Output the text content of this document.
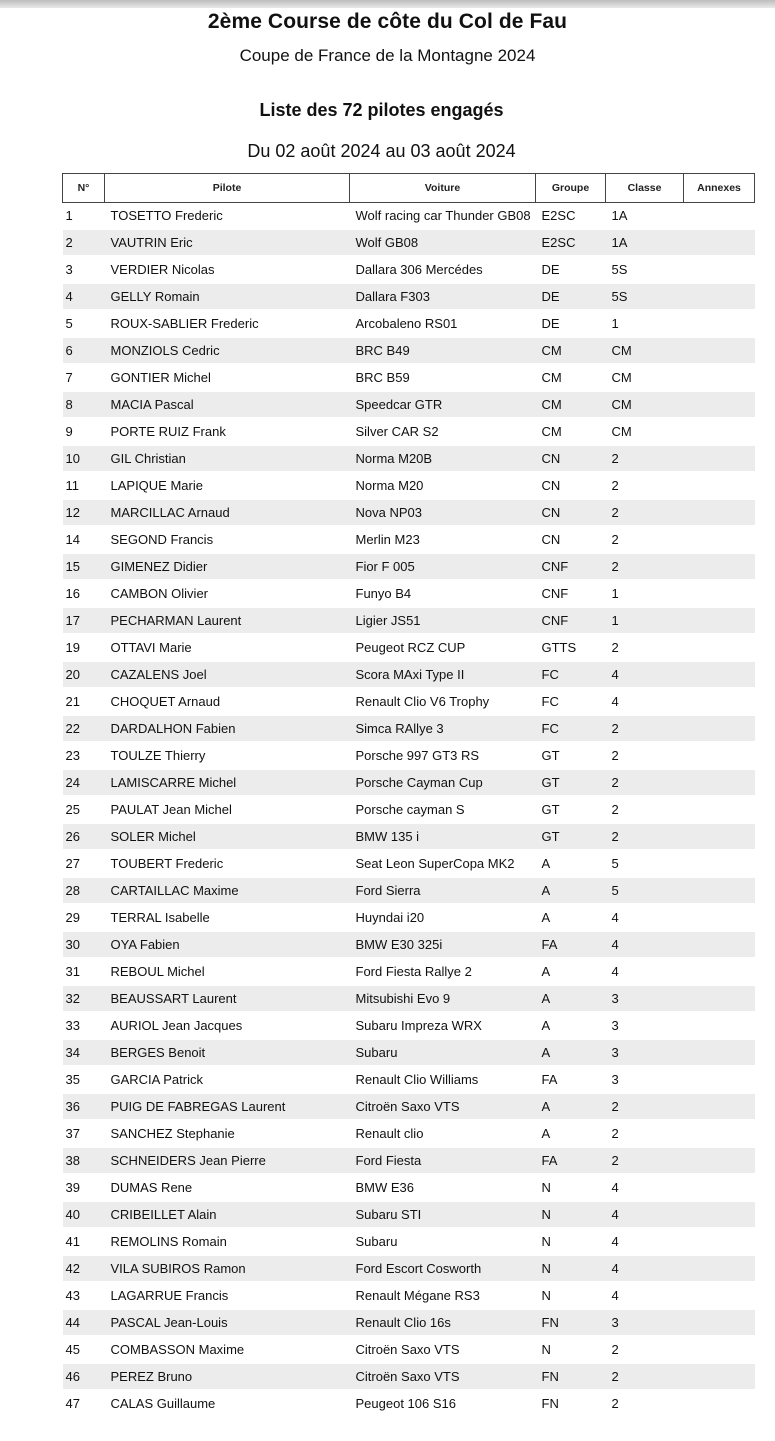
2ème Course de côte du Col de Fau
Coupe de France de la Montagne 2024
Liste des 72 pilotes engagés
Du 02 août 2024 au 03 août 2024
N°	Pilote	Voiture	Groupe	Classe	Annexes
1	TOSETTO Frederic	Wolf racing car Thunder GB08	E2SC	1A	
2	VAUTRIN Eric	Wolf GB08	E2SC	1A	
3	VERDIER Nicolas	Dallara 306 Mercédes	DE	5S	
4	GELLY Romain	Dallara F303	DE	5S	
5	ROUX-SABLIER Frederic	Arcobaleno RS01	DE	1	
6	MONZIOLS Cedric	BRC B49	CM	CM	
7	GONTIER Michel	BRC B59	CM	CM	
8	MACIA Pascal	Speedcar GTR	CM	CM	
9	PORTE RUIZ Frank	Silver CAR S2	CM	CM	
10	GIL Christian	Norma M20B	CN	2	
11	LAPIQUE Marie	Norma M20	CN	2	
12	MARCILLAC Arnaud	Nova NP03	CN	2	
14	SEGOND Francis	Merlin M23	CN	2	
15	GIMENEZ Didier	Fior F 005	CNF	2	
16	CAMBON Olivier	Funyo B4	CNF	1	
17	PECHARMAN Laurent	Ligier JS51	CNF	1	
19	OTTAVI Marie	Peugeot RCZ CUP	GTTS	2	
20	CAZALENS Joel	Scora MAxi Type II	FC	4	
21	CHOQUET Arnaud	Renault Clio V6 Trophy	FC	4	
22	DARDALHON Fabien	Simca RAllye 3	FC	2	
23	TOULZE Thierry	Porsche 997 GT3 RS	GT	2	
24	LAMISCARRE Michel	Porsche Cayman Cup	GT	2	
25	PAULAT Jean Michel	Porsche cayman S	GT	2	
26	SOLER Michel	BMW 135 i	GT	2	
27	TOUBERT Frederic	Seat Leon SuperCopa MK2	A	5	
28	CARTAILLAC Maxime	Ford Sierra	A	5	
29	TERRAL Isabelle	Huyndai i20	A	4	
30	OYA Fabien	BMW E30 325i	FA	4	
31	REBOUL Michel	Ford Fiesta Rallye 2	A	4	
32	BEAUSSART Laurent	Mitsubishi Evo 9	A	3	
33	AURIOL Jean Jacques	Subaru Impreza WRX	A	3	
34	BERGES Benoit	Subaru	A	3	
35	GARCIA Patrick	Renault Clio Williams	FA	3	
36	PUIG DE FABREGAS Laurent	Citroën Saxo VTS	A	2	
37	SANCHEZ Stephanie	Renault clio	A	2	
38	SCHNEIDERS Jean Pierre	Ford Fiesta	FA	2	
39	DUMAS Rene	BMW E36	N	4	
40	CRIBEILLET Alain	Subaru STI	N	4	
41	REMOLINS Romain	Subaru	N	4	
42	VILA SUBIROS Ramon	Ford Escort Cosworth	N	4	
43	LAGARRUE Francis	Renault Mégane RS3	N	4	
44	PASCAL Jean-Louis	Renault Clio 16s	FN	3	
45	COMBASSON Maxime	Citroën Saxo VTS	N	2	
46	PEREZ Bruno	Citroën Saxo VTS	FN	2	
47	CALAS Guillaume	Peugeot 106 S16	FN	2	
